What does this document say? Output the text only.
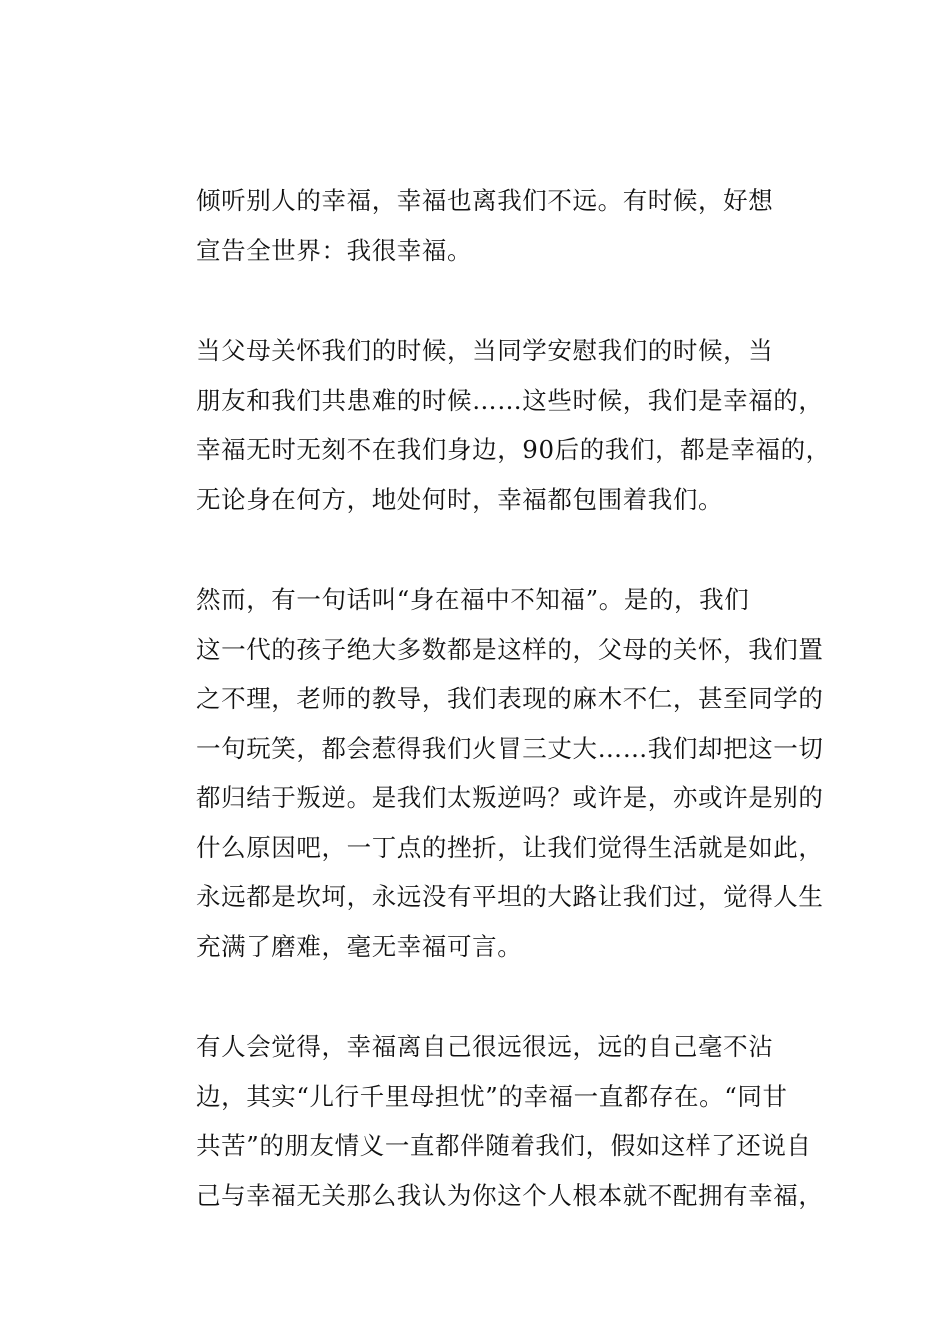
倾听别人的幸福，幸福也离我们不远。有时候，好想
宣告全世界：我很幸福。

当父母关怀我们的时候，当同学安慰我们的时候，当
朋友和我们共患难的时候……这些时候，我们是幸福的，
幸福无时无刻不在我们身边，90后的我们，都是幸福的，
无论身在何方，地处何时，幸福都包围着我们。

然而，有一句话叫“身在福中不知福”。是的，我们
这一代的孩子绝大多数都是这样的，父母的关怀，我们置
之不理，老师的教导，我们表现的麻木不仁，甚至同学的
一句玩笑，都会惹得我们火冒三丈大……我们却把这一切
都归结于叛逆。是我们太叛逆吗？或许是，亦或许是别的
什么原因吧，一丁点的挫折，让我们觉得生活就是如此，
永远都是坎坷，永远没有平坦的大路让我们过，觉得人生
充满了磨难，毫无幸福可言。

有人会觉得，幸福离自己很远很远，远的自己毫不沾
边，其实“儿行千里母担忧”的幸福一直都存在。“同甘
共苦”的朋友情义一直都伴随着我们，假如这样了还说自
己与幸福无关那么我认为你这个人根本就不配拥有幸福，
